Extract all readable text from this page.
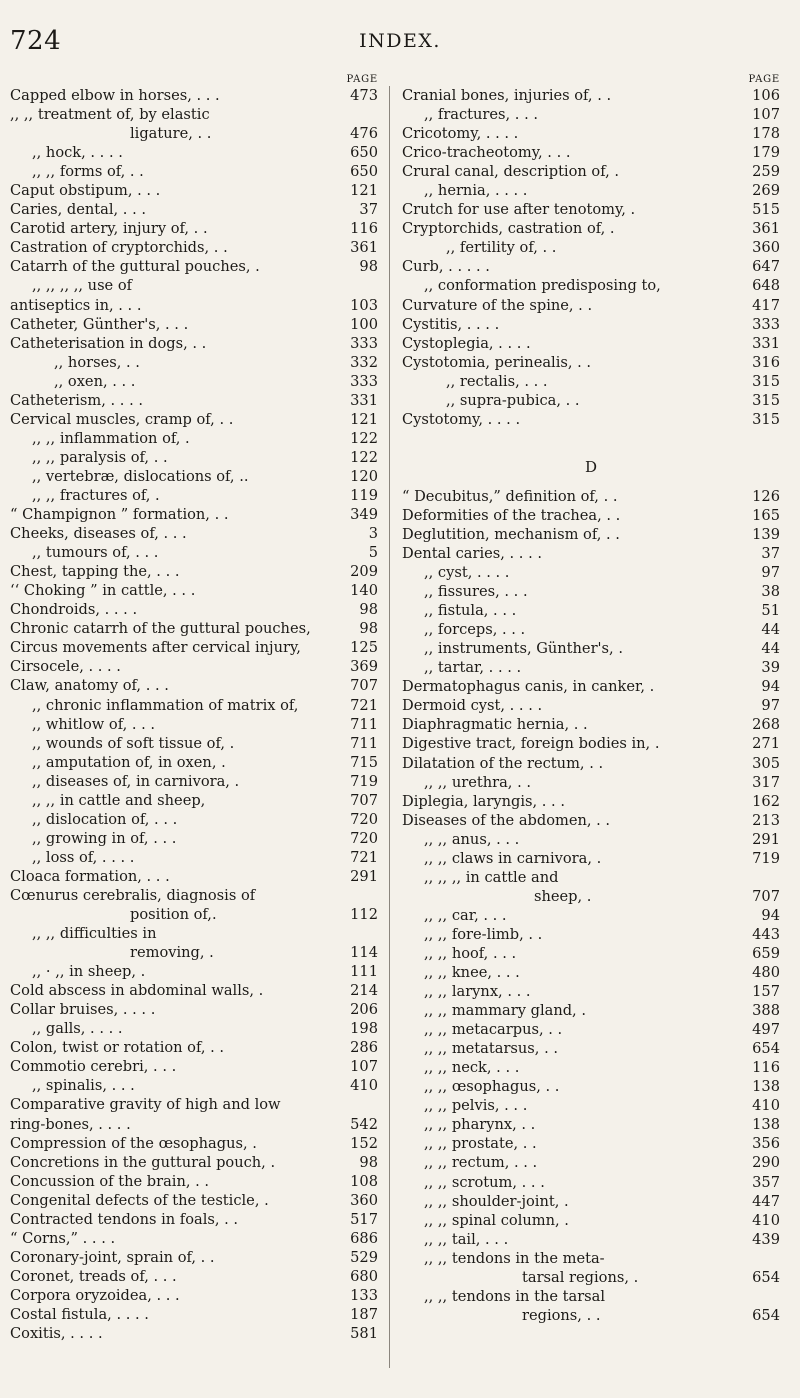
724	INDEX.
PAGE
Capped elbow in horses, . . .	473
,, ,, treatment of, by elastic
ligature, . .	476
,, hock, . . . .	650
,, ,, forms of, . .	650
Caput obstipum, . . .	121
Caries, dental, . . .	37
Carotid artery, injury of, . .	116
Castration of cryptorchids, . .	361
Catarrh of the guttural pouches, .	98
,, ,, ,, ,, use of
antiseptics in, . . .	103
Catheter, Günther's, . . .	100
Catheterisation in dogs, . .	333
,, horses, . .	332
,, oxen, . . .	333
Catheterism, . . . .	331
Cervical muscles, cramp of, . .	121
,, ,, inflammation of, .	122
,, ,, paralysis of, . .	122
,, vertebræ, dislocations of, ..	120
,, ,, fractures of, .	119
“ Champignon ” formation, . .	349
Cheeks, diseases of, . . .	3
,, tumours of, . . .	5
Chest, tapping the, . . .	209
‘‘ Choking ” in cattle, . . .	140
Chondroids, . . . .	98
Chronic catarrh of the guttural pouches,	98
Circus movements after cervical injury,	125
Cirsocele, . . . .	369
Claw, anatomy of, . . .	707
,, chronic inflammation of matrix of,	721
,, whitlow of, . . .	711
,, wounds of soft tissue of, .	711
,, amputation of, in oxen, .	715
,, diseases of, in carnivora, .	719
,, ,, in cattle and sheep,	707
,, dislocation of, . . .	720
,, growing in of, . . .	720
,, loss of, . . . .	721
Cloaca formation, . . .	291
Cœnurus cerebralis, diagnosis of
position of,.	112
,, ,, difficulties in
removing, .	114
,, · ,, in sheep, .	111
Cold abscess in abdominal walls, .	214
Collar bruises, . . . .	206
,, galls, . . . .	198
Colon, twist or rotation of, . .	286
Commotio cerebri, . . .	107
,, spinalis, . . .	410
Comparative gravity of high and low
ring-bones, . . . .	542
Compression of the œsophagus, .	152
Concretions in the guttural pouch, .	98
Concussion of the brain, . .	108
Congenital defects of the testicle, .	360
Contracted tendons in foals, . .	517
“ Corns,” . . . .	686
Coronary-joint, sprain of, . .	529
Coronet, treads of, . . .	680
Corpora oryzoidea, . . .	133
Costal fistula, . . . .	187
Coxitis, . . . .	581
PAGE
Cranial bones, injuries of, . .	106
,, fractures, . . .	107
Cricotomy, . . . .	178
Crico-tracheotomy, . . .	179
Crural canal, description of, .	259
,, hernia, . . . .	269
Crutch for use after tenotomy, .	515
Cryptorchids, castration of, .	361
,, fertility of, . .	360
Curb, . . . . .	647
,, conformation predisposing to,	648
Curvature of the spine, . .	417
Cystitis, . . . .	333
Cystoplegia, . . . .	331
Cystotomia, perinealis, . .	316
,, rectalis, . . .	315
,, supra-pubica, . .	315
Cystotomy, . . . .	315
D
“ Decubitus,” definition of, . .	126
Deformities of the trachea, . .	165
Deglutition, mechanism of, . .	139
Dental caries, . . . .	37
,, cyst, . . . .	97
,, fissures, . . .	38
,, fistula, . . .	51
,, forceps, . . .	44
,, instruments, Günther's, .	44
,, tartar, . . . .	39
Dermatophagus canis, in canker, .	94
Dermoid cyst, . . . .	97
Diaphragmatic hernia, . .	268
Digestive tract, foreign bodies in, .	271
Dilatation of the rectum, . .	305
,, ,, urethra, . .	317
Diplegia, laryngis, . . .	162
Diseases of the abdomen, . .	213
,, ,, anus, . . .	291
,, ,, claws in carnivora, .	719
,, ,, ,, in cattle and
sheep, .	707
,, ,, car, . . .	94
,, ,, fore-limb, . .	443
,, ,, hoof, . . .	659
,, ,, knee, . . .	480
,, ,, larynx, . . .	157
,, ,, mammary gland, .	388
,, ,, metacarpus, . .	497
,, ,, metatarsus, . .	654
,, ,, neck, . . .	116
,, ,, œsophagus, . .	138
,, ,, pelvis, . . .	410
,, ,, pharynx, . .	138
,, ,, prostate, . .	356
,, ,, rectum, . . .	290
,, ,, scrotum, . . .	357
,, ,, shoulder-joint, .	447
,, ,, spinal column, .	410
,, ,, tail, . . .	439
,, ,, tendons in the meta-
tarsal regions, .	654
,, ,, tendons in the tarsal
regions, . .	654
